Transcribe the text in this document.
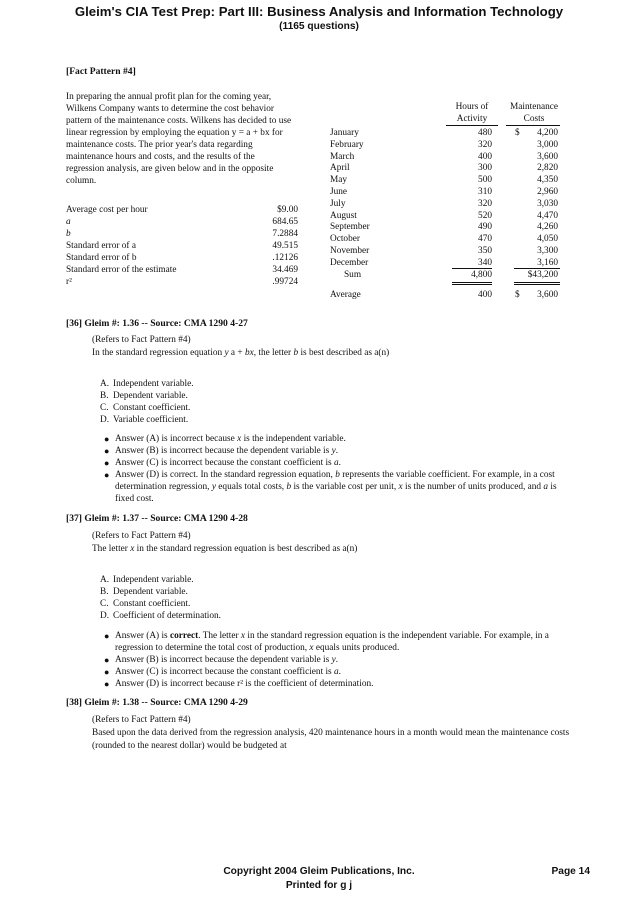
Gleim's CIA Test Prep: Part III: Business Analysis and Information Technology
(1165 questions)
[Fact Pattern #4]
In preparing the annual profit plan for the coming year, Wilkens Company wants to determine the cost behavior pattern of the maintenance costs. Wilkens has decided to use linear regression by employing the equation y = a + bx for maintenance costs. The prior year's data regarding maintenance hours and costs, and the results of the regression analysis, are given below and in the opposite column.
Average cost per hour	$9.00
a	684.65
b	7.2884
Standard error of a	49.515
Standard error of b	.12126
Standard error of the estimate	34.469
r²	.99724
Hours of
Activity
Maintenance
Costs
January	480 $ 4,200
February	320	3,000
March	400	3,600
April	300	2,820
May	500	4,350
June	310	2,960
July	320	3,030
August	520	4,470
September	490	4,260
October	470	4,050
November	350	3,300
December	340	3,160
Sum	4,800	$43,200
Average	400 $ 3,600
[36] Gleim #: 1.36 -- Source: CMA 1290 4-27
(Refers to Fact Pattern #4)
In the standard regression equation y a + bx, the letter b is best described as a(n)
A. Independent variable.
B. Dependent variable.
C. Constant coefficient.
D. Variable coefficient.
● Answer (A) is incorrect because x is the independent variable.
● Answer (B) is incorrect because the dependent variable is y.
● Answer (C) is incorrect because the constant coefficient is a.
● Answer (D) is correct. In the standard regression equation, b represents the variable coefficient. For example, in a cost determination regression, y equals total costs, b is the variable cost per unit, x is the number of units produced, and a is fixed cost.
[37] Gleim #: 1.37 -- Source: CMA 1290 4-28
(Refers to Fact Pattern #4)
The letter x in the standard regression equation is best described as a(n)
A. Independent variable.
B. Dependent variable.
C. Constant coefficient.
D. Coefficient of determination.
● Answer (A) is correct. The letter x in the standard regression equation is the independent variable. For example, in a regression to determine the total cost of production, x equals units produced.
● Answer (B) is incorrect because the dependent variable is y.
● Answer (C) is incorrect because the constant coefficient is a.
● Answer (D) is incorrect because r² is the coefficient of determination.
[38] Gleim #: 1.38 -- Source: CMA 1290 4-29
(Refers to Fact Pattern #4)
Based upon the data derived from the regression analysis, 420 maintenance hours in a month would mean the maintenance costs (rounded to the nearest dollar) would be budgeted at
Copyright 2004 Gleim Publications, Inc.
Printed for g j
Page 14
